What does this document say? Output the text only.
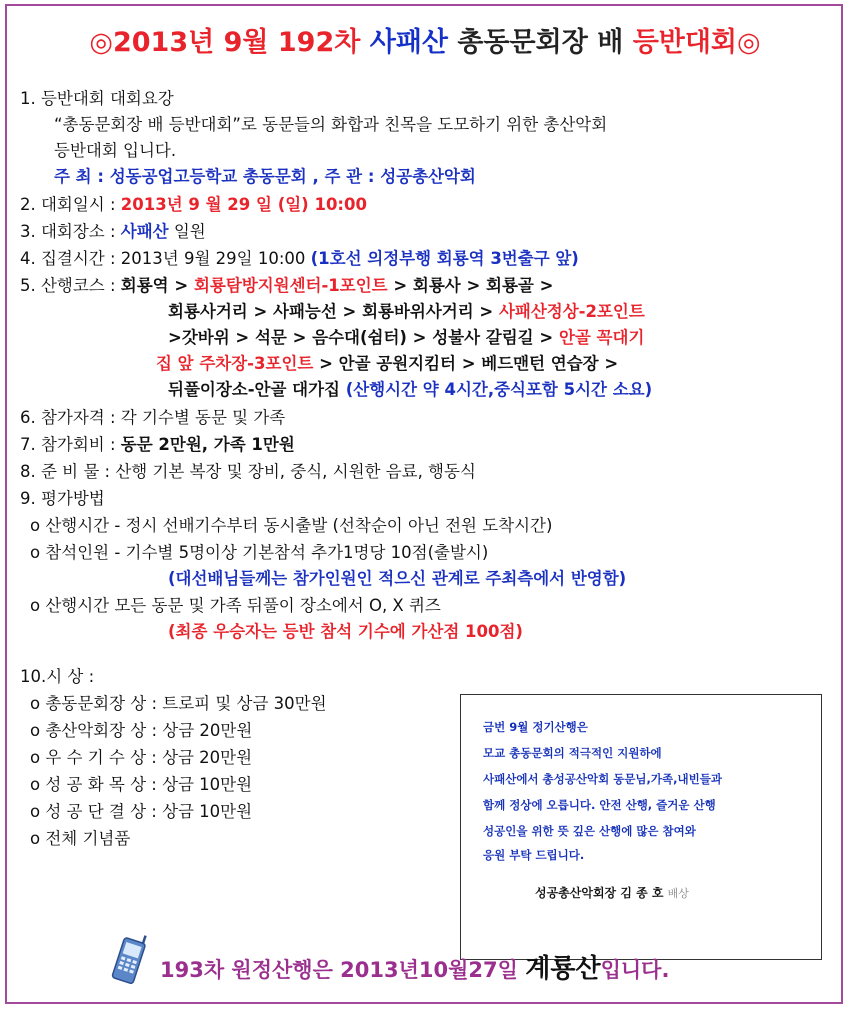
◎2013년 9월 192차 사패산 총동문회장 배 등반대회◎
1. 등반대회 대회요강
“총동문회장 배 등반대회”로 동문들의 화합과 친목을 도모하기 위한 총산악회
등반대회 입니다.
주 최 : 성동공업고등학교 총동문회 , 주 관 : 성공총산악회
2. 대회일시 : 2013년 9 월 29 일 (일) 10:00
3. 대회장소 : 사패산 일원
4. 집결시간 : 2013년 9월 29일 10:00 (1호선 의정부행 회룡역 3번출구 앞)
5. 산행코스 : 회룡역 > 회룡탐방지원센터-1포인트 > 회룡사 > 회룡골 >
회룡사거리 > 사패능선 > 회룡바위사거리 > 사패산정상-2포인트
>갓바위 > 석문 > 음수대(쉼터) > 성불사 갈림길 > 안골 꼭대기
집 앞 주차장-3포인트 > 안골 공원지킴터 > 베드맨턴 연습장 >
뒤풀이장소-안골 대가집 (산행시간 약 4시간,중식포함 5시간 소요)
6. 참가자격 : 각 기수별 동문 및 가족
7. 참가회비 : 동문 2만원, 가족 1만원
8. 준 비 물 : 산행 기본 복장 및 장비, 중식, 시원한 음료, 행동식
9. 평가방법
o 산행시간 - 정시 선배기수부터 동시출발 (선착순이 아닌 전원 도착시간)
o 참석인원 - 기수별 5명이상 기본참석 추가1명당 10점(출발시)
(대선배님들께는 참가인원인 적으신 관계로 주최측에서 반영함)
o 산행시간 모든 동문 및 가족 뒤풀이 장소에서 O, X 퀴즈
(최종 우승자는 등반 참석 기수에 가산점 100점)
10.시 상 :
o 총동문회장 상 : 트로피 및 상금 30만원
o 총산악회장 상 : 상금 20만원
o 우 수 기 수 상 : 상금 20만원
o 성 공 화 목 상 : 상금 10만원
o 성 공 단 결 상 : 상금 10만원
o 전체 기념품
금번 9월 정기산행은
모교 총동문회의 적극적인 지원하에
사패산에서 총성공산악회 동문님,가족,내빈들과
함께 정상에 오릅니다. 안전 산행, 즐거운 산행
성공인을 위한 뜻 깊은 산행에 많은 참여와
응원 부탁 드립니다.
성공총산악회장 김 종 호 배상
193차 원정산행은 2013년10월27일 계룡산입니다.
